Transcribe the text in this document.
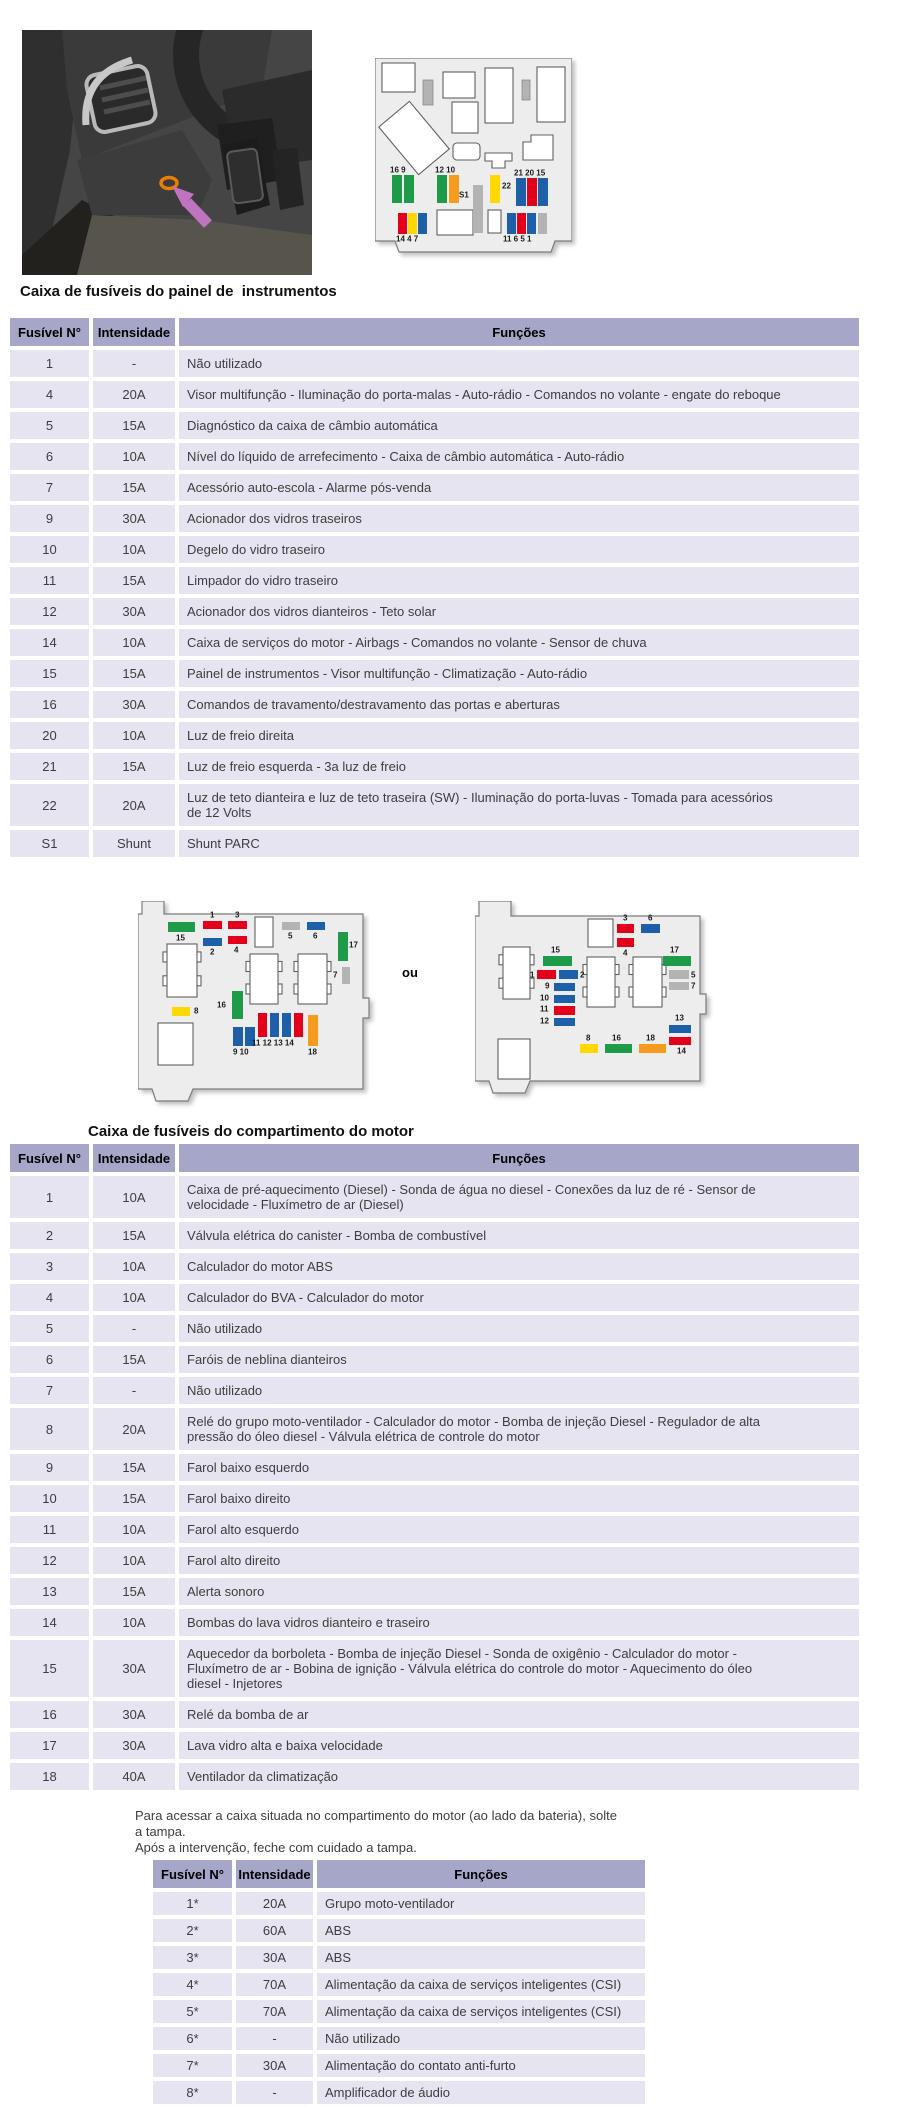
16 9	12 10
S1
22
21 20 15
14 4 7	11 6 5 1
Caixa de fusíveis do painel de  instrumentos
Fusível N°	Intensidade	Funções
1	-	Não utilizado
4	20A	Visor multifunção - Iluminação do porta-malas - Auto-rádio - Comandos no volante - engate do reboque
5	15A	Diagnóstico da caixa de câmbio automática
6	10A	Nível do líquido de arrefecimento - Caixa de câmbio automática - Auto-rádio
7	15A	Acessório auto-escola - Alarme pós-venda
9	30A	Acionador dos vidros traseiros
10	10A	Degelo do vidro traseiro
11	15A	Limpador do vidro traseiro
12	30A	Acionador dos vidros dianteiros - Teto solar
14	10A	Caixa de serviços do motor - Airbags - Comandos no volante - Sensor de chuva
15	15A	Painel de instrumentos - Visor multifunção - Climatização - Auto-rádio
16	30A	Comandos de travamento/destravamento das portas e aberturas
20	10A	Luz de freio direita
21	15A	Luz de freio esquerda - 3a luz de freio
22	20A	Luz de teto dianteira e luz de teto traseira (SW) - Iluminação do porta-luvas - Tomada para acessórios de 12 Volts
S1	Shunt	Shunt PARC
15
1
2
3
4
5	6
17
7
8
16
9 10
11 12 13 14
18
ou
3	6
4
15
1	2
9
10
11
12
17
5
7
13
14
8	16	18
Caixa de fusíveis do compartimento do motor
Fusível N°	Intensidade	Funções
1	10A	Caixa de pré-aquecimento (Diesel) - Sonda de água no diesel - Conexões da luz de ré - Sensor de velocidade - Fluxímetro de ar (Diesel)
2	15A	Válvula elétrica do canister - Bomba de combustível
3	10A	Calculador do motor ABS
4	10A	Calculador do BVA - Calculador do motor
5	-	Não utilizado
6	15A	Faróis de neblina dianteiros
7	-	Não utilizado
8	20A	Relé do grupo moto-ventilador - Calculador do motor - Bomba de injeção Diesel - Regulador de alta pressão do óleo diesel - Válvula elétrica de controle do motor
9	15A	Farol baixo esquerdo
10	15A	Farol baixo direito
11	10A	Farol alto esquerdo
12	10A	Farol alto direito
13	15A	Alerta sonoro
14	10A	Bombas do lava vidros dianteiro e traseiro
15	30A	Aquecedor da borboleta - Bomba de injeção Diesel - Sonda de oxigênio - Calculador do motor - Fluxímetro de ar - Bobina de ignição - Válvula elétrica do controle do motor - Aquecimento do óleo diesel - Injetores
16	30A	Relé da bomba de ar
17	30A	Lava vidro alta e baixa velocidade
18	40A	Ventilador da climatização

Para acessar a caixa situada no compartimento do motor (ao lado da bateria), solte a tampa.

Após a intervenção, feche com cuidado a tampa.

Fusível N°	Intensidade	Funções
1*	20A	Grupo moto-ventilador
2*	60A	ABS
3*	30A	ABS
4*	70A	Alimentação da caixa de serviços inteligentes (CSI)
5*	70A	Alimentação da caixa de serviços inteligentes (CSI)
6*	-	Não utilizado
7*	30A	Alimentação do contato anti-furto
8*	-	Amplificador de áudio
